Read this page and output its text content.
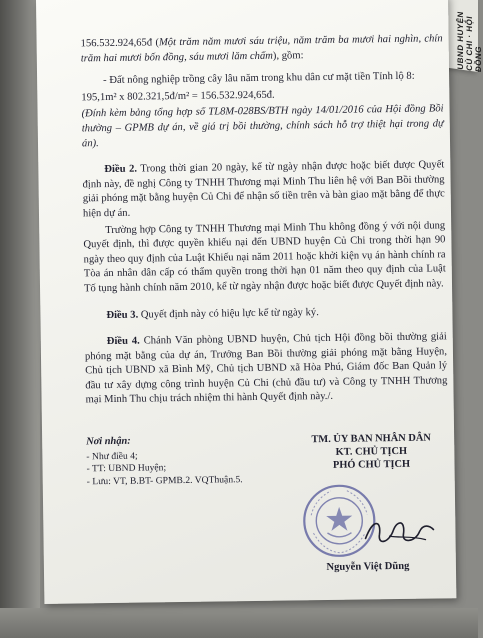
UBND HUYỆN CỦ CHI · HỘI ĐỒNG

156.532.924,65đ (Một trăm năm mươi sáu triệu, năm trăm ba mươi hai nghìn, chín trăm hai mươi bốn đồng, sáu mươi lăm chấm), gồm:

- Đất nông nghiệp trồng cây lâu năm trong khu dân cư mặt tiền Tỉnh lộ 8:

195,1m² x 802.321,5đ/m² = 156.532.924,65đ.

(Đính kèm bảng tổng hợp số TL8M-028BS/BTH ngày 14/01/2016 của Hội đồng Bồi thường – GPMB dự án, về giá trị bồi thường, chính sách hỗ trợ thiệt hại trong dự án).

Điều 2. Trong thời gian 20 ngày, kể từ ngày nhận được hoặc biết được Quyết định này, đề nghị Công ty TNHH Thương mại Minh Thu liên hệ với Ban Bồi thường giải phóng mặt bằng huyện Củ Chi để nhận số tiền trên và bàn giao mặt bằng để thực hiện dự án.

Trường hợp Công ty TNHH Thương mại Minh Thu không đồng ý với nội dung Quyết định, thì được quyền khiếu nại đến UBND huyện Củ Chi trong thời hạn 90 ngày theo quy định của Luật Khiếu nại năm 2011 hoặc khởi kiện vụ án hành chính ra Tòa án nhân dân cấp có thẩm quyền trong thời hạn 01 năm theo quy định của Luật Tố tụng hành chính năm 2010, kể từ ngày nhận được hoặc biết được Quyết định này.

Điều 3. Quyết định này có hiệu lực kể từ ngày ký.

Điều 4. Chánh Văn phòng UBND huyện, Chủ tịch Hội đồng bồi thường giải phóng mặt bằng của dự án, Trưởng Ban Bồi thường giải phóng mặt bằng Huyện, Chủ tịch UBND xã Bình Mỹ, Chủ tịch UBND xã Hòa Phú, Giám đốc Ban Quản lý đầu tư xây dựng công trình huyện Củ Chi (chủ đầu tư) và Công ty TNHH Thương mại Minh Thu chịu trách nhiệm thi hành Quyết định này./.

Nơi nhận:
- Như điều 4;
- TT: UBND Huyện;
- Lưu: VT, B.BT- GPMB.2. VQThuận.5.
TM. ỦY BAN NHÂN DÂN
KT. CHỦ TỊCH
PHÓ CHỦ TỊCH
Nguyễn Việt Dũng
